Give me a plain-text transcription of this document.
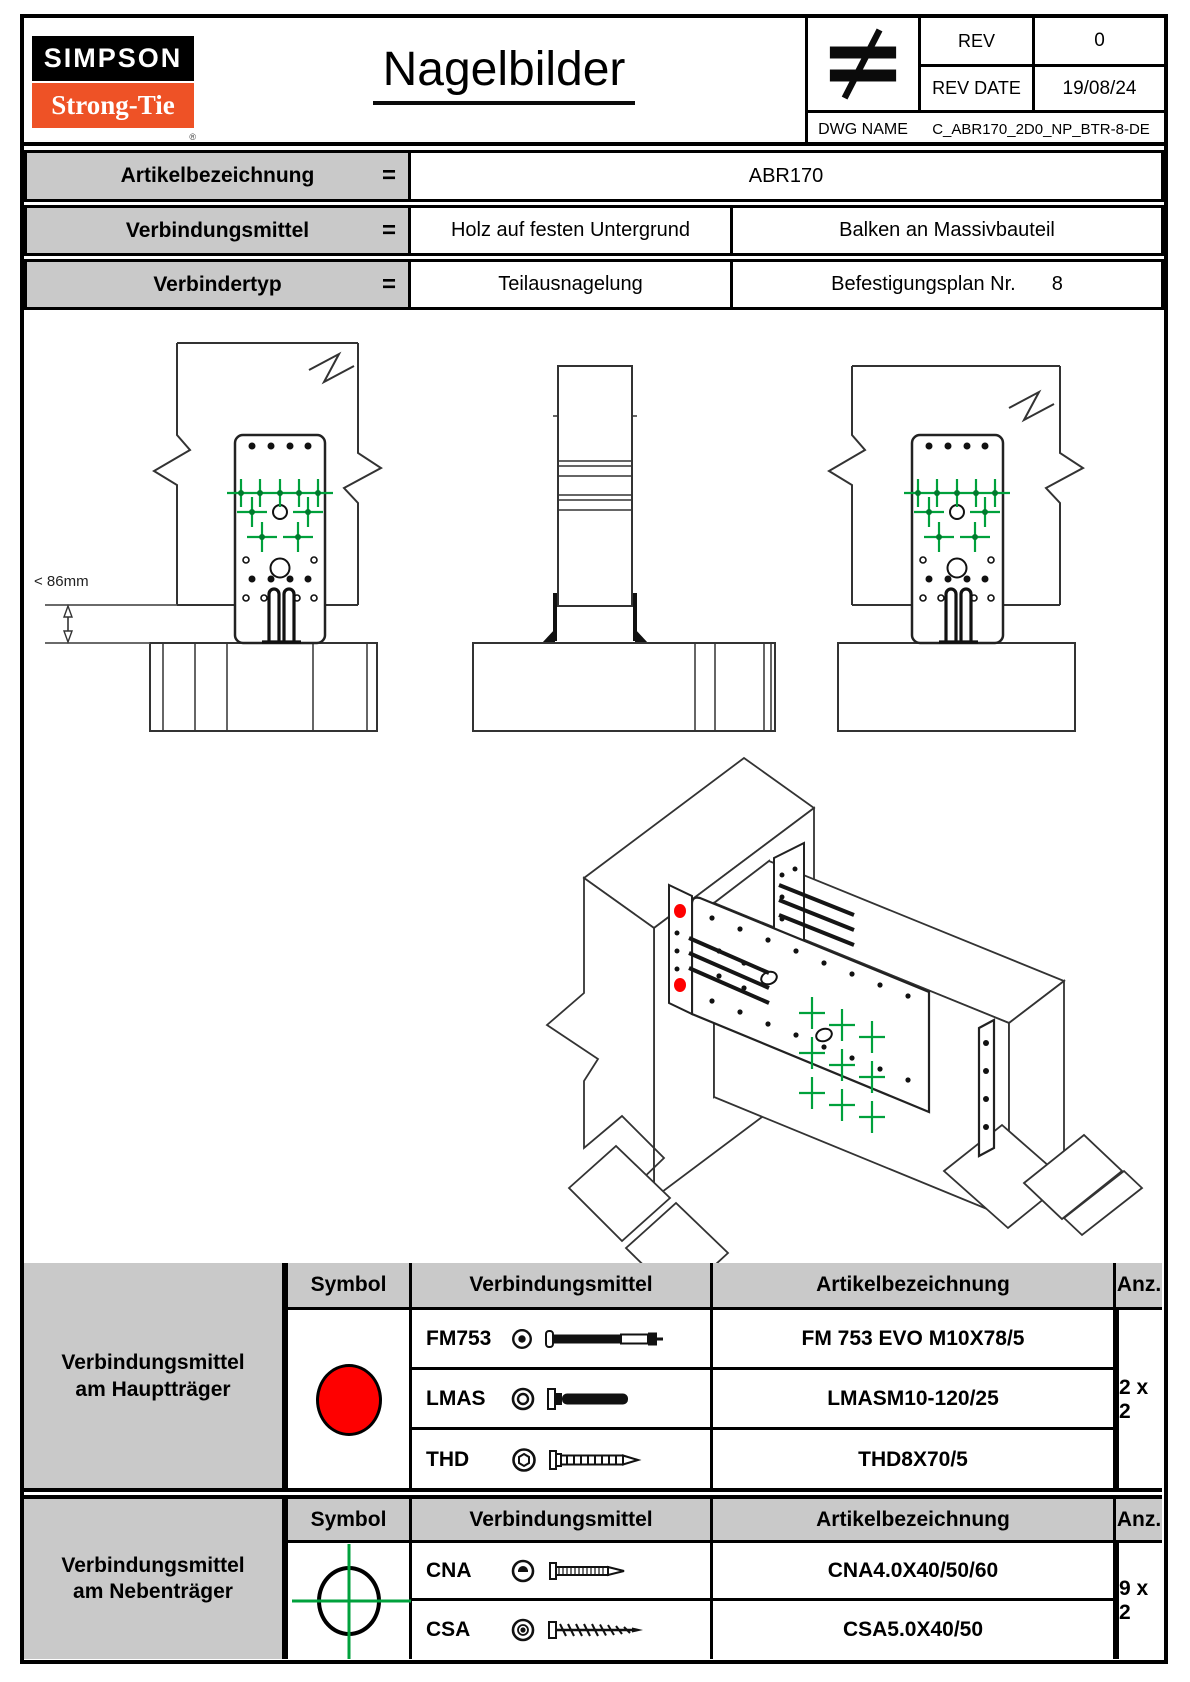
SIMPSON
Strong-Tie
®
Nagelbilder
REV	0
REV DATE	19/08/24
DWG NAME	C_ABR170_2D0_NP_BTR-8-DE
Artikelbezeichnung	=	ABR170
Verbindungsmittel	=	Holz auf festen Untergrund	Balken an Massivbauteil
Verbindertyp	=	Teilausnagelung	Befestigungsplan Nr. 8
< 86mm
Verbindungsmittel
am Hauptträger
Symbol	Verbindungsmittel	Artikelbezeichnung	Anz.
FM753	FM 753 EVO M10X78/5
LMAS	LMASM10-120/25
THD	THD8X70/5
2 x 2
Verbindungsmittel
am Nebenträger
Symbol	Verbindungsmittel	Artikelbezeichnung	Anz.
CNA	CNA4.0X40/50/60
CSA	CSA5.0X40/50
9 x 2
